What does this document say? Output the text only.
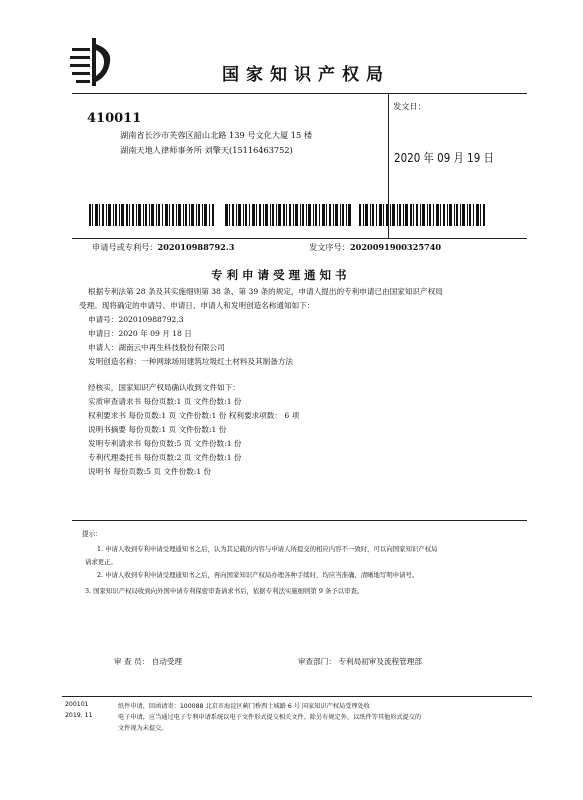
国家知识产权局
410011
湖南省长沙市芙蓉区韶山北路 139 号文化大厦 15 楼
湖南天地人律师事务所 刘擎天(15116463752)
发文日：
2020 年 09 月 19 日
申请号或专利号：202010988792.3	发文序号：2020091900325740
专利申请受理通知书
根据专利法第 28 条及其实施细则第 38 条、第 39 条的规定，申请人提出的专利申请已由国家知识产权局
受理。现将确定的申请号、申请日、申请人和发明创造名称通知如下：
申请号：202010988792.3
申请日：2020 年 09 月 18 日
申请人：湖南云中再生科技股份有限公司
发明创造名称：一种网球场用建筑垃圾红土材料及其制备方法
经核实，国家知识产权局确认收到文件如下：
实质审查请求书 每份页数:1 页 文件份数:1 份
权利要求书 每份页数:1 页 文件份数:1 份 权利要求项数： 6 项
说明书摘要 每份页数:1 页 文件份数:1 份
发明专利请求书 每份页数:5 页 文件份数:1 份
专利代理委托书 每份页数:2 页 文件份数:1 份
说明书 每份页数:5 页 文件份数:1 份
提示：
1. 申请人收到专利申请受理通知书之后，认为其记载的内容与申请人所提交的相应内容不一致时，可以向国家知识产权局
请求更正。
2. 申请人收到专利申请受理通知书之后，再向国家知识产权局办理各种手续时，均应当准确、清晰地写明申请号。
3. 国家知识产权局收到向外国申请专利保密审查请求书后，依据专利法实施细则第 9 条予以审查。
审 查 员： 自动受理	审查部门： 专利局初审及流程管理部
200101
2019. 11
纸件申请，回函请寄：100088 北京市海淀区蓟门桥西土城路 6 号 国家知识产权局受理处收
电子申请，应当通过电子专利申请系统以电子文件形式提交相关文件。除另有规定外，以纸件等其他形式提交的
文件视为未提交。
